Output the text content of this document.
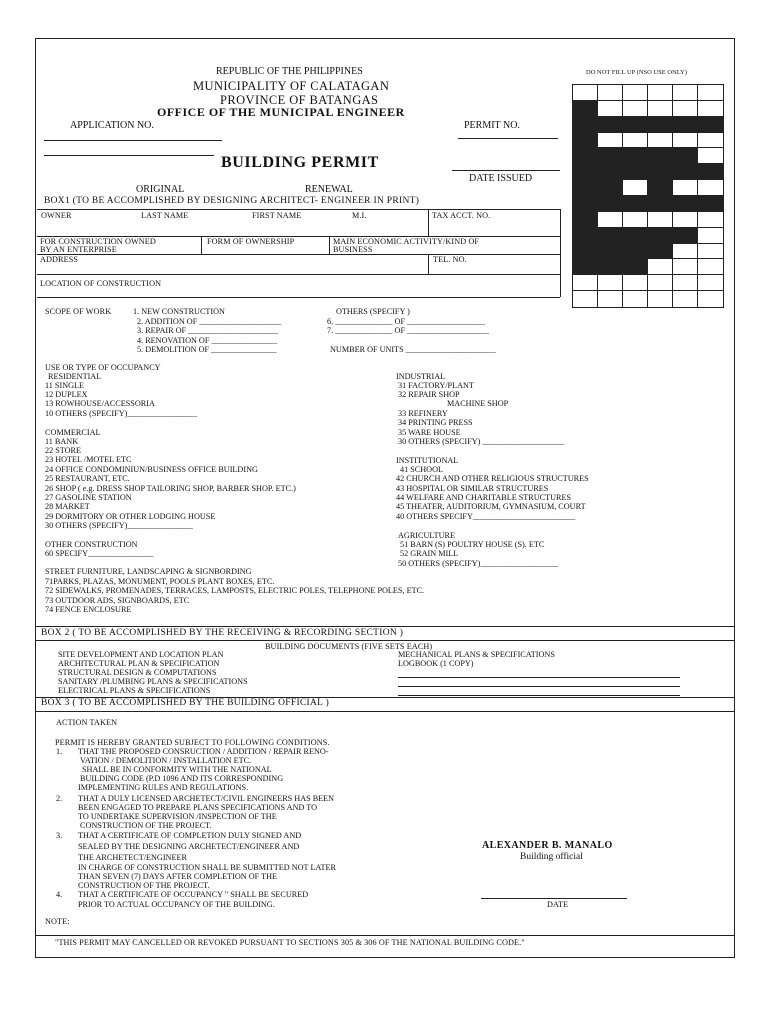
REPUBLIC OF THE PHILIPPINES
MUNICIPALITY OF CALATAGAN
PROVINCE OF BATANGAS
OFFICE OF THE MUNICIPAL ENGINEER
APPLICATION NO.	PERMIT NO.
BUILDING PERMIT
DATE ISSUED
ORIGINAL	RENEWAL
DO NOT FILL UP (NSO USE ONLY)
BOX1 (TO BE ACCOMPLISHED BY DESIGNING ARCHITECT- ENGINEER IN PRINT)
OWNER	LAST NAME	FIRST NAME	M.I.	TAX ACCT. NO.
FOR CONSTRUCTION OWNED
BY AN ENTERPRISE
FORM OF OWNERSHIP	MAIN ECONOMIC ACTIVITY/KIND OF
BUSINESS
ADDRESS	TEL. NO.
LOCATION OF CONSTRUCTION
SCOPE OF WORK	1. NEW CONSTRUCTION
2. ADDITION OF ____________________
3. REPAIR OF ______________________
4. RENOVATION OF ________________
5. DEMOLITION OF ________________
OTHERS (SPECIFY )
6. ______________ OF ___________________
7. ______________ OF ____________________
NUMBER OF UNITS ______________________
USE OR TYPE OF OCCUPANCY
RESIDENTIAL
11 SINGLE
12 DUPLEX
13 ROWHOUSE/ACCESSORIA
10 OTHERS (SPECIFY)_________________
COMMERCIAL
11 BANK
22 STORE
23 HOTEL /MOTEL ETC
24 OFFICE CONDOMINIUN/BUSINESS OFFICE BUILDING
25 RESTAURANT, ETC.
26 SHOP ( e.g. DRESS SHOP TAILORING SHOP, BARBER SHOP. ETC.)
27 GASOLINE STATION
28 MARKET
29 DORMITORY OR OTHER LODGING HOUSE
30 OTHERS (SPECIFY)________________
OTHER CONSTRUCTION
60 SPECIFY________________
STREET FURNITURE, LANDSCAPING & SIGNBORDING
71PARKS, PLAZAS, MONUMENT, POOLS PLANT BOXES, ETC.
72 SIDEWALKS, PROMENADES, TERRACES, LAMPOSTS, ELECTRIC POLES, TELEPHONE POLES, ETC.
73 OUTDOOR ADS, SIGNBOARDS, ETC
74 FENCE ENCLOSURE
INDUSTRIAL
31 FACTORY/PLANT
32 REPAIR SHOP
MACHINE SHOP
33 REFINERY
34 PRINTING PRESS
35 WARE HOUSE
30 OTHERS (SPECIFY) ____________________
INSTITUTIONAL
41 SCHOOL
42 CHURCH AND OTHER RELIGIOUS STRUCTURES
43 HOSPITAL OR SIMILAR STRUCTURES
44 WELFARE AND CHARITABLE STRUCTURES
45 THEATER, AUDITORIUM, GYMNASIUM, COURT
40 OTHERS SPECIFY_________________________
AGRICULTURE
51 BARN (S) POULTRY HOUSE (S). ETC
52 GRAIN MILL
50 OTHERS (SPECIFY)___________________
BOX 2 ( TO BE ACCOMPLISHED BY THE RECEIVING & RECORDING SECTION )
BUILDING DOCUMENTS (FIVE SETS EACH)
SITE DEVELOPMENT AND LOCATION PLAN
ARCHITECTURAL PLAN & SPECIFICATION
STRUCTURAL DESIGN & COMPUTATIONS
SANITARY /PLUMBING PLANS & SPECIFICATIONS
ELECTRICAL PLANS & SPECIFICATIONS
MECHANICAL PLANS & SPECIFICATIONS
LOGBOOK (1 COPY)
BOX 3 ( TO BE ACCOMPLISHED BY THE BUILDING OFFICIAL )
ACTION TAKEN
PERMIT IS HEREBY GRANTED SUBJECT TO FOLLOWING CONDITIONS.
1. THAT THE PROPOSED CONSRUCTION / ADDITION / REPAIR RENO-
VATION / DEMOLITION / INSTALLATION ETC.
SHALL BE IN CONFORMITY WITH THE NATIONAL
BUILDING CODE (P.D 1096 AND ITS CORRESPONDING
IMPLEMENTING RULES AND REGULATIONS.
2. THAT A DULY LICENSED ARCHETECT/CIVIL ENGINEERS HAS BEEN
BEEN ENGAGED TO PREPARE PLANS SPECIFICATIONS AND TO
TO UNDERTAKE SUPERVISION /INSPECTION OF THE
CONSTRUCTION OF THE PROJECT.
3. THAT A CERTIFICATE OF COMPLETION DULY SIGNED AND
SEALED BY THE DESIGNING ARCHETECT/ENGINEER AND
THE ARCHETECT/ENGINEER
IN CHARGE OF CONSTRUCTION SHALL BE SUBMITTED NOT LATER
THAN SEVEN (7) DAYS AFTER COMPLETION OF THE
CONSTRUCTION OF THE PROJECT.
4. THAT A CERTIFICATE OF OCCUPANCY " SHALL BE SECURED
PRIOR TO ACTUAL OCCUPANCY OF THE BUILDING.
ALEXANDER B. MANALO
Building official
DATE
NOTE:
"THIS PERMIT MAY CANCELLED OR REVOKED PURSUANT TO SECTIONS 305 & 306 OF THE NATIONAL BUILDING CODE."
